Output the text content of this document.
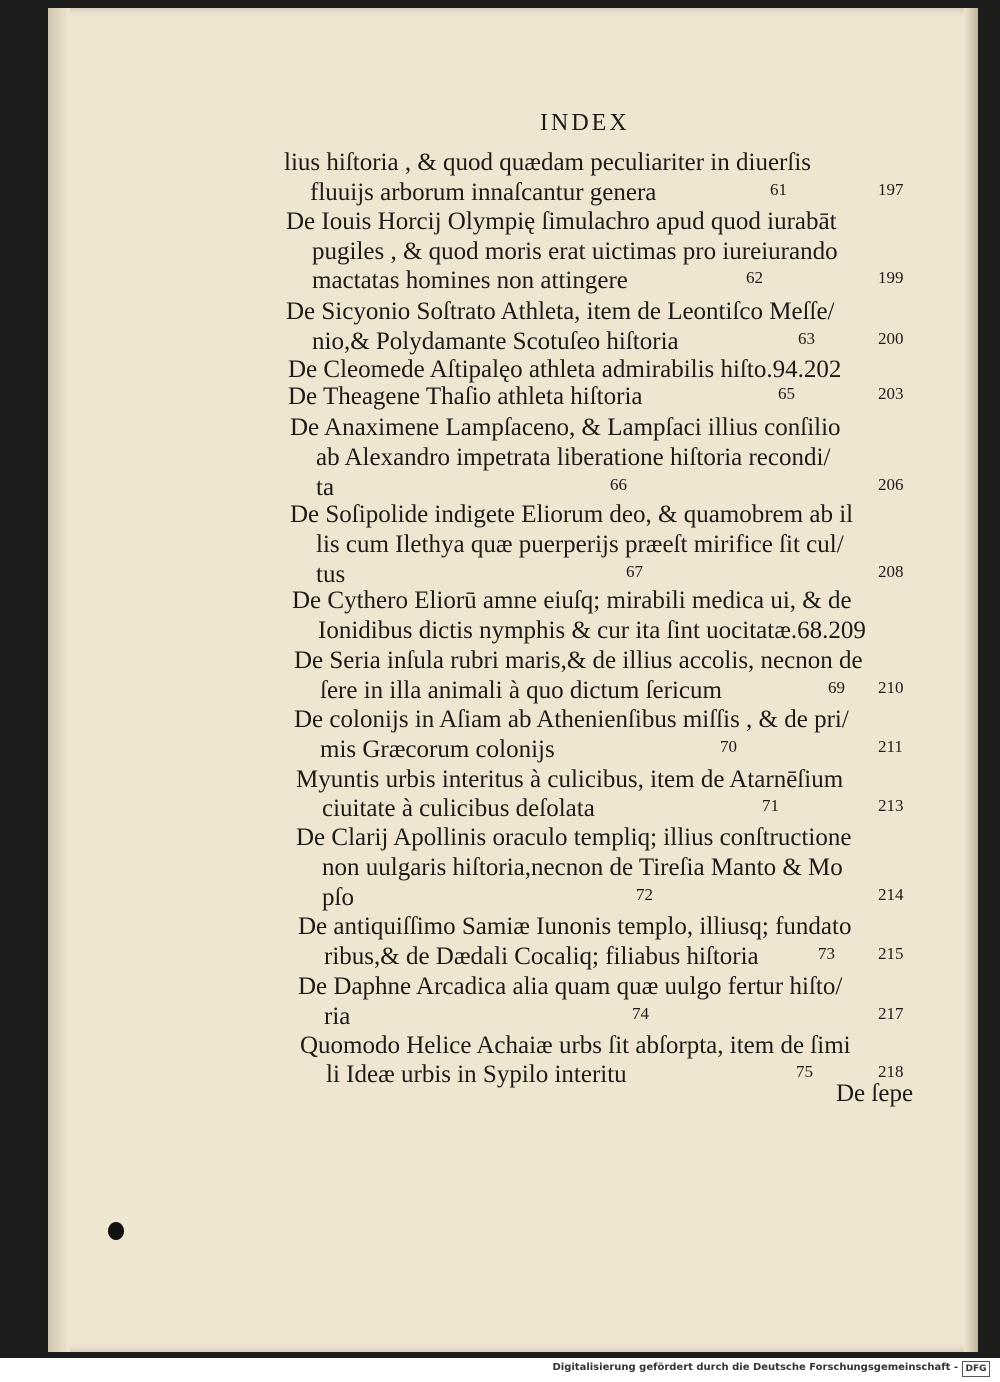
INDEX
lius hiſtoria , & quod quædam peculiariter in diuerſis
fluuijs arborum innaſcantur genera	61	197
De Iouis Horcij Olympię ſimulachro apud quod iurabāt
pugiles , & quod moris erat uictimas pro iureiurando
mactatas homines non attingere	62	199
De Sicyonio Soſtrato Athleta, item de Leontiſco Meſſe/
nio,& Polydamante Scotuſeo hiſtoria	63	200
De Cleomede Aſtipalęo athleta admirabilis hiſto.94.202
De Theagene Thaſio athleta hiſtoria	65	203
De Anaximene Lampſaceno, & Lampſaci illius conſilio
ab Alexandro impetrata liberatione hiſtoria recondi/
ta	66	206
De Soſipolide indigete Eliorum deo, & quamobrem ab il
lis cum Ilethya quæ puerperijs præeſt mirifice ſit cul/
tus	67	208
De Cythero Eliorū amne eiuſq; mirabili medica ui, & de
Ionidibus dictis nymphis & cur ita ſint uocitatæ.68.209
De Seria inſula rubri maris,& de illius accolis, necnon de
ſere in illa animali à quo dictum ſericum	69 210
De colonijs in Aſiam ab Athenienſibus miſſis , & de pri/
mis Græcorum colonijs	70	211
Myuntis urbis interitus à culicibus, item de Atarnēſium
ciuitate à culicibus deſolata	71	213
De Clarij Apollinis oraculo templiq; illius conſtructione
non uulgaris hiſtoria,necnon de Tireſia Manto & Mo
pſo	72	214
De antiquiſſimo Samiæ Iunonis templo, illiusq; fundato
ribus,& de Dædali Cocaliq; filiabus hiſtoria	73	215
De Daphne Arcadica alia quam quæ uulgo fertur hiſto/
ria	74	217
Quomodo Helice Achaiæ urbs ſit abſorpta, item de ſimi
li Ideæ urbis in Sypilo interitu	75	218
De ſepe
Digitalisierung gefördert durch die Deutsche Forschungsgemeinschaft - DFG
